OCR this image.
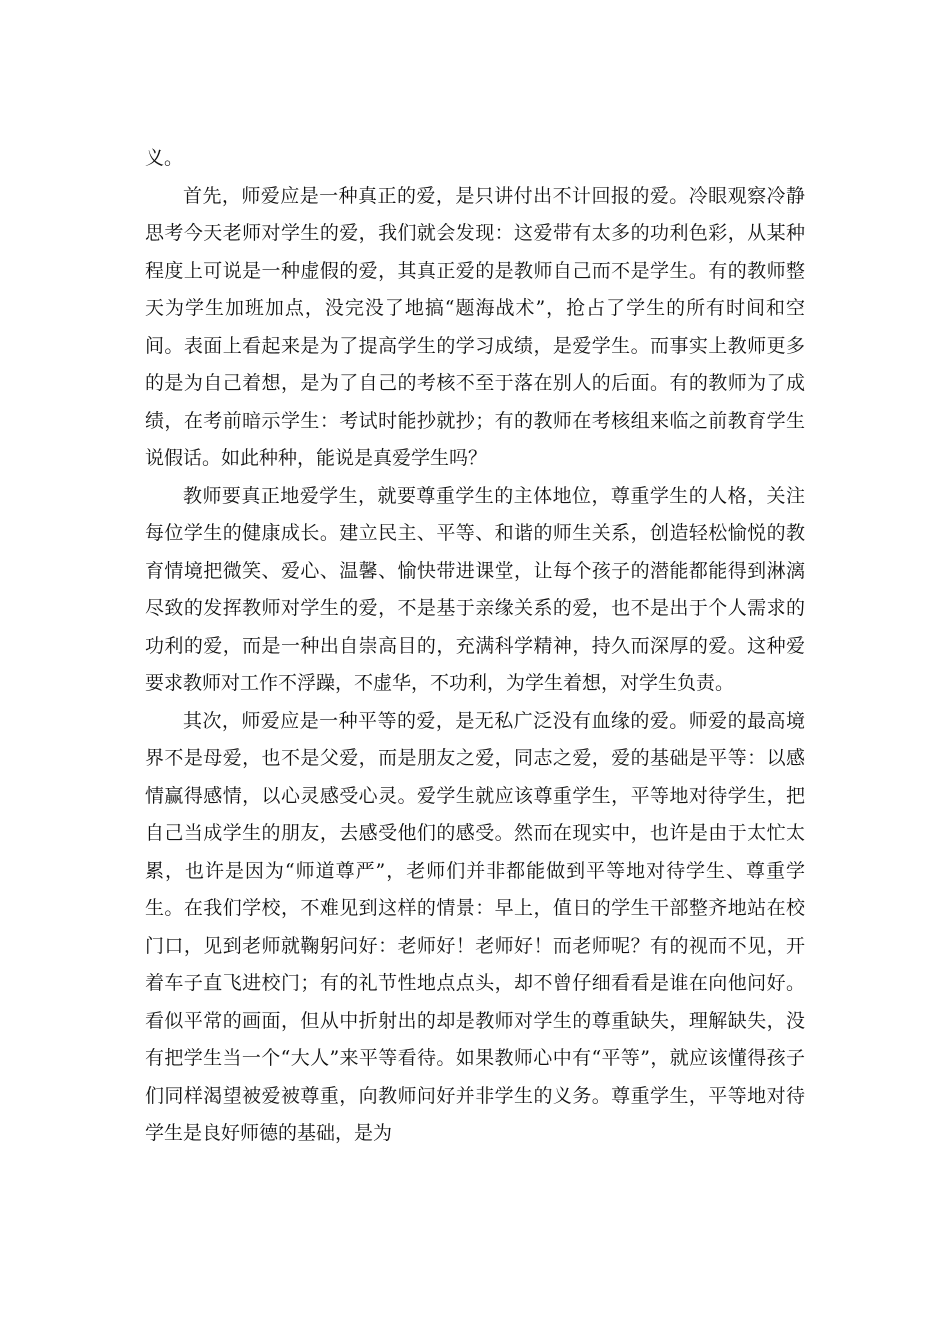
义。

首先，师爱应是一种真正的爱，是只讲付出不计回报的爱。冷眼观察冷静思考今天老师对学生的爱，我们就会发现：这爱带有太多的功利色彩，从某种程度上可说是一种虚假的爱，其真正爱的是教师自己而不是学生。有的教师整天为学生加班加点，没完没了地搞“题海战术”，抢占了学生的所有时间和空间。表面上看起来是为了提高学生的学习成绩，是爱学生。而事实上教师更多的是为自己着想，是为了自己的考核不至于落在别人的后面。有的教师为了成绩，在考前暗示学生：考试时能抄就抄；有的教师在考核组来临之前教育学生说假话。如此种种，能说是真爱学生吗？

教师要真正地爱学生，就要尊重学生的主体地位，尊重学生的人格，关注每位学生的健康成长。建立民主、平等、和谐的师生关系，创造轻松愉悦的教育情境把微笑、爱心、温馨、愉快带进课堂，让每个孩子的潜能都能得到淋漓尽致的发挥教师对学生的爱，不是基于亲缘关系的爱，也不是出于个人需求的功利的爱，而是一种出自崇高目的，充满科学精神，持久而深厚的爱。这种爱要求教师对工作不浮躁，不虚华，不功利，为学生着想，对学生负责。

其次，师爱应是一种平等的爱，是无私广泛没有血缘的爱。师爱的最高境界不是母爱，也不是父爱，而是朋友之爱，同志之爱，爱的基础是平等：以感情赢得感情，以心灵感受心灵。爱学生就应该尊重学生，平等地对待学生，把自己当成学生的朋友，去感受他们的感受。然而在现实中，也许是由于太忙太累，也许是因为“师道尊严”，老师们并非都能做到平等地对待学生、尊重学生。在我们学校，不难见到这样的情景：早上，值日的学生干部整齐地站在校门口，见到老师就鞠躬问好：老师好！老师好！而老师呢？有的视而不见，开着车子直飞进校门；有的礼节性地点点头，却不曾仔细看看是谁在向他问好。看似平常的画面，但从中折射出的却是教师对学生的尊重缺失，理解缺失，没有把学生当一个“大人”来平等看待。如果教师心中有“平等”，就应该懂得孩子们同样渴望被爱被尊重，向教师问好并非学生的义务。尊重学生，平等地对待学生是良好师德的基础，是为
